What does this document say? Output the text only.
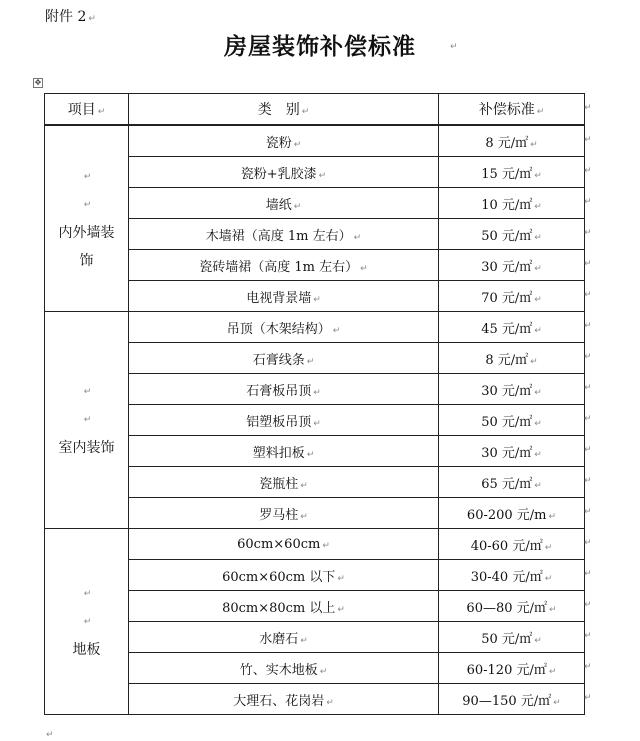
附件 2 ↵
房屋装饰补偿标准	↵
✥
项目 ↵	类　别 ↵	补偿标准 ↵

↵
↵
内外墙装饰	瓷粉 ↵	8 元/㎡ ↵
	瓷粉+乳胶漆 ↵	15 元/㎡ ↵
	墙纸 ↵	10 元/㎡ ↵
	木墙裙（高度 1m 左右） ↵	50 元/㎡ ↵
	瓷砖墙裙（高度 1m 左右） ↵	30 元/㎡ ↵
	电视背景墙 ↵	70 元/㎡ ↵

↵
↵
室内装饰	吊顶（木架结构） ↵	45 元/㎡ ↵
	石膏线条 ↵	8 元/㎡ ↵
	石膏板吊顶 ↵	30 元/㎡ ↵
	铝塑板吊顶 ↵	50 元/㎡ ↵
	塑料扣板 ↵	30 元/㎡ ↵
	瓷瓶柱 ↵	65 元/㎡ ↵
	罗马柱 ↵	60-200 元/m ↵

↵
↵
地板	60cm×60cm ↵	40-60 元/㎡ ↵
	60cm×60cm 以下 ↵	30-40 元/㎡ ↵
	80cm×80cm 以上 ↵	60—80 元/㎡ ↵
	水磨石 ↵	50 元/㎡ ↵
	竹、实木地板 ↵	60-120 元/㎡ ↵
	大理石、花岗岩 ↵	90—150 元/㎡ ↵
↵
↵
↵
↵
↵
↵
↵
↵
↵
↵
↵
↵
↵
↵
↵
↵
↵
↵
↵
↵
↵
